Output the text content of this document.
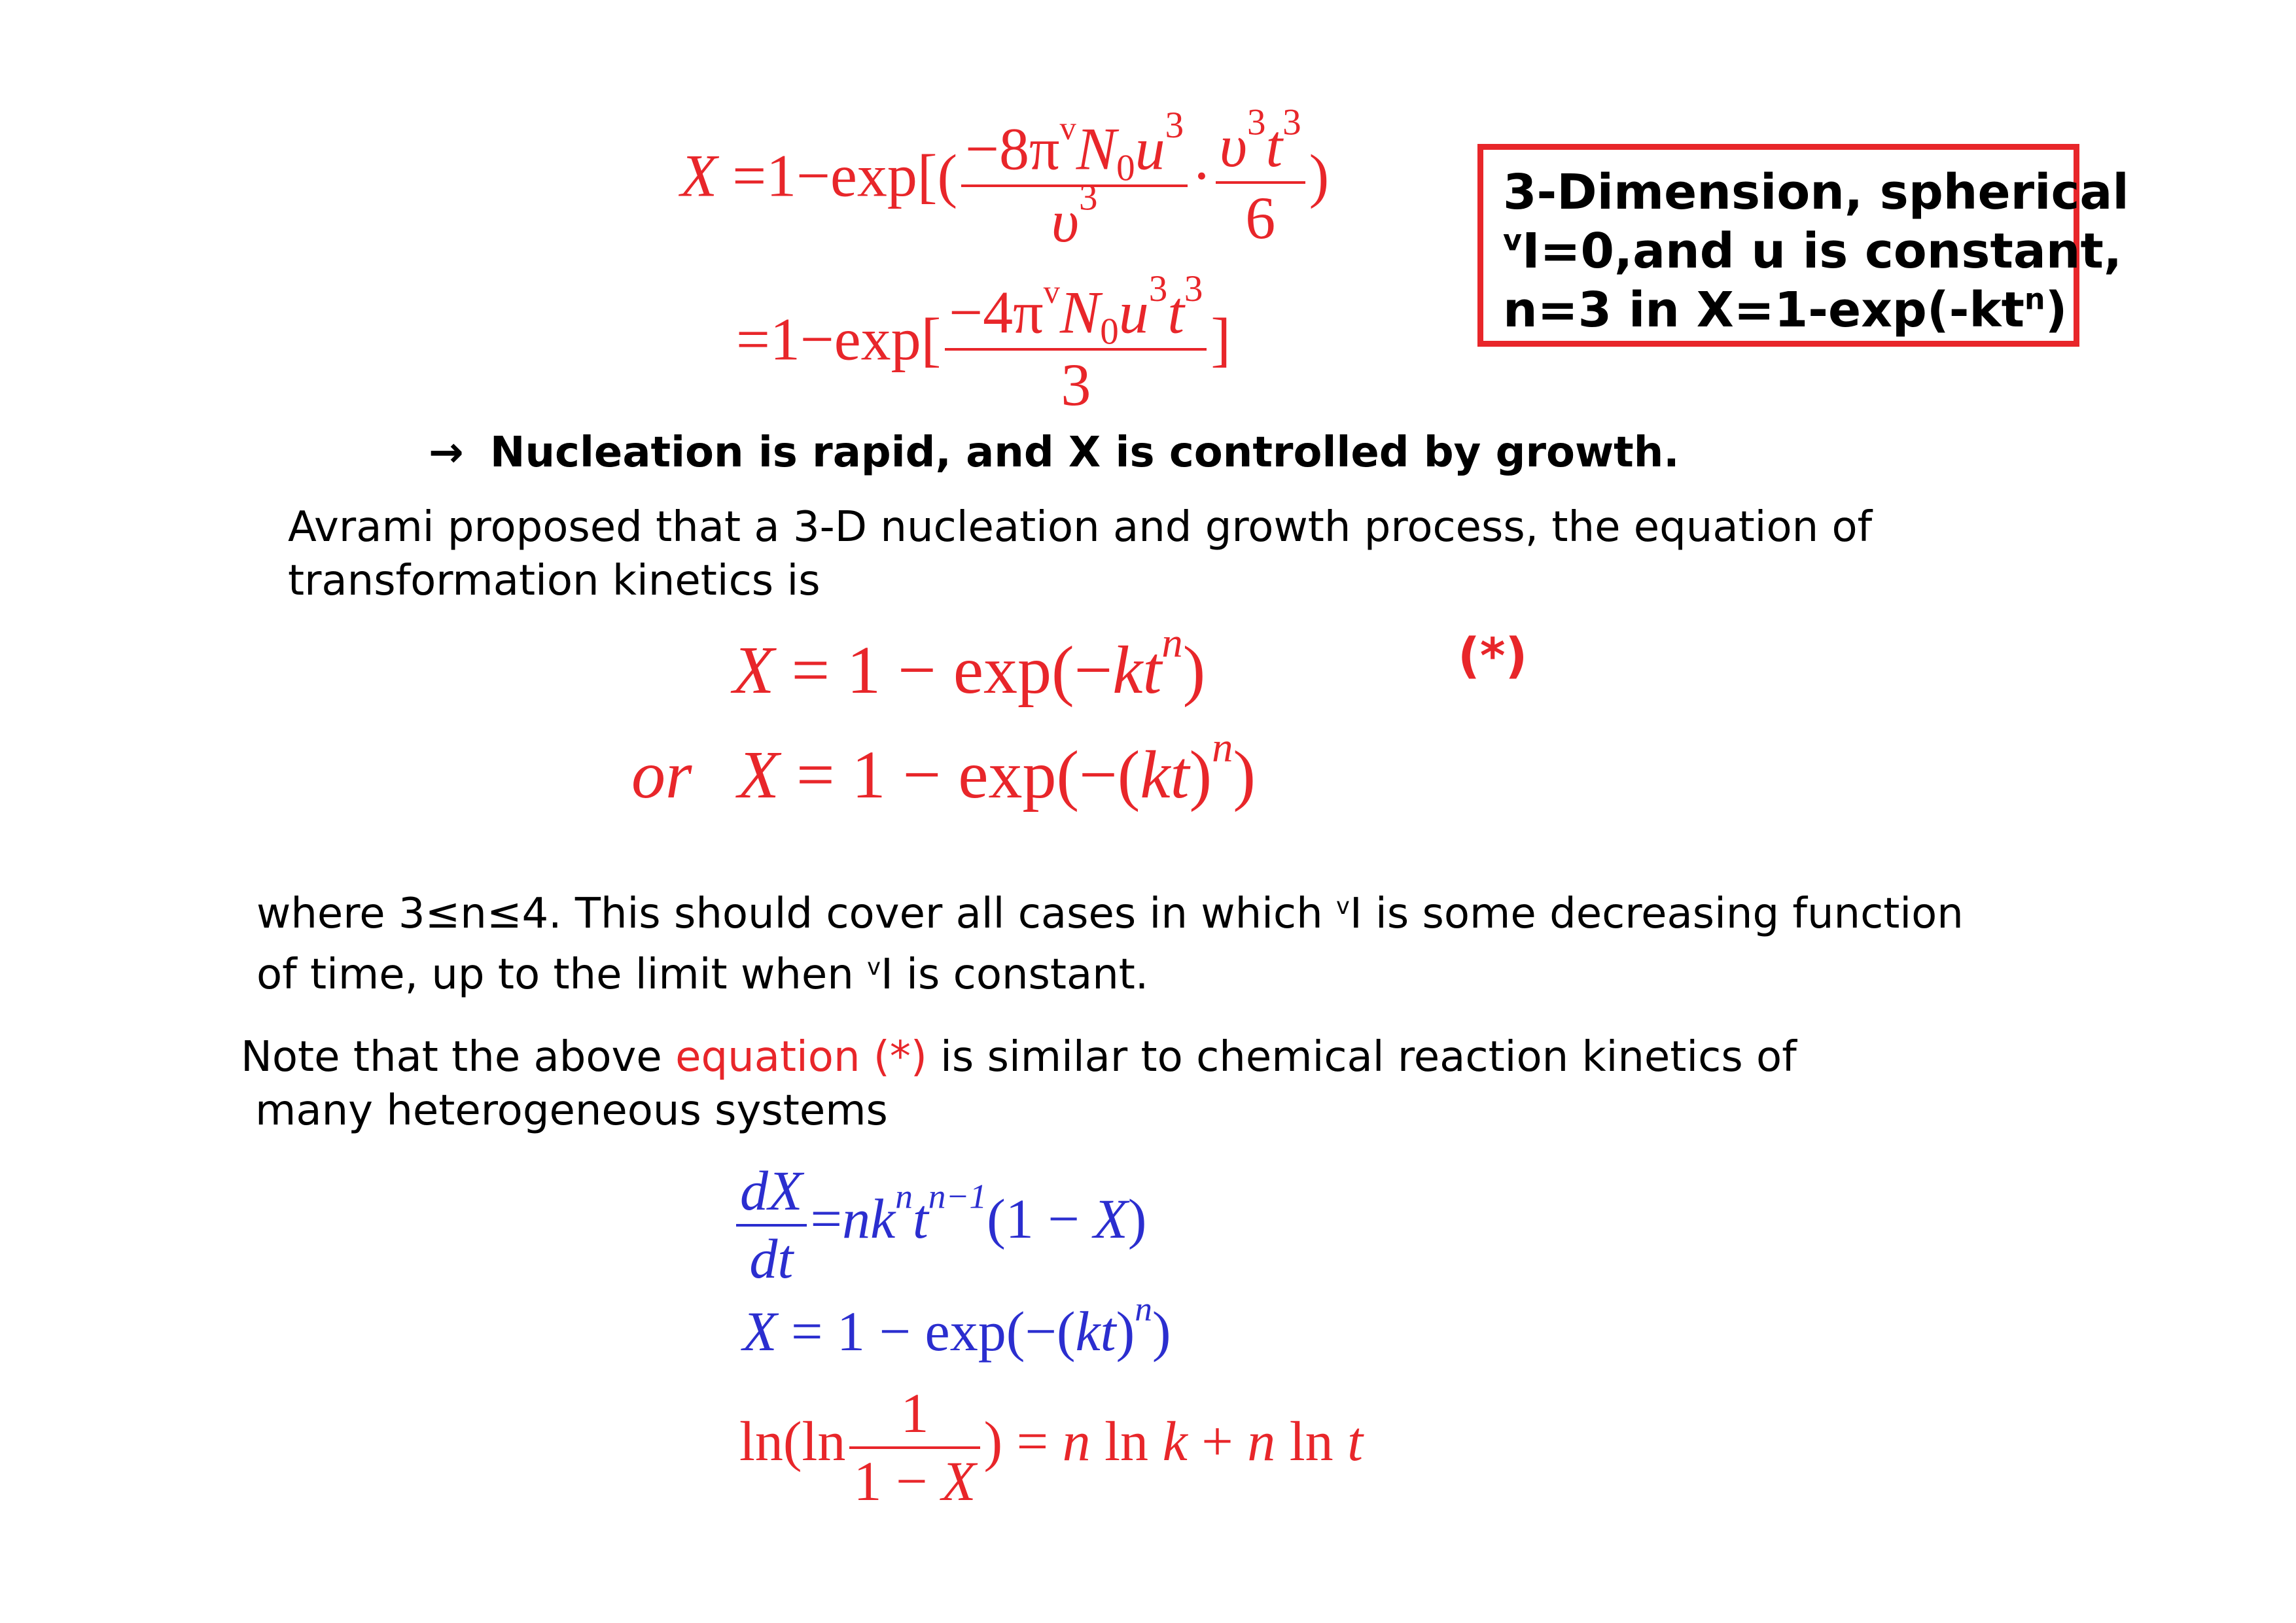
$X =1-\exp[( \frac{-8\pi^vN_0u^3}{\upsilon^3} \cdot \frac{\upsilon^3t^3}{6}$ )
$=1-\exp[ \frac{-4\pi^vN_0u^3t^3}{3}$ ]
3-Dimension, spherical
$^v$I=0,and u is constant,
n=3 in $X=1-\exp(-kt^n)$
→ Nucleation is rapid, and X is controlled by growth.
Avrami proposed that a 3-D nucleation and growth process, the equation of
transformation kinetics is
$X = 1 - \exp(-kt^n)$	(*)
or X = 1 − exp(−(kt)$^n$)
where 3≤n≤4. This should cover all cases in which $^v$I is some decreasing function
of time, up to the limit when $^v$I is constant.
Note that the above equation (*) is similar to chemical reaction kinetics of
many heterogeneous systems
$\frac{dX}{dt} =nk^nt^{n-1}(1 - X)$
X = 1 − exp(−(kt)$^n$)
$\ln(\ln \frac{1}{1 - X}$ ) = n ln k + n ln t
